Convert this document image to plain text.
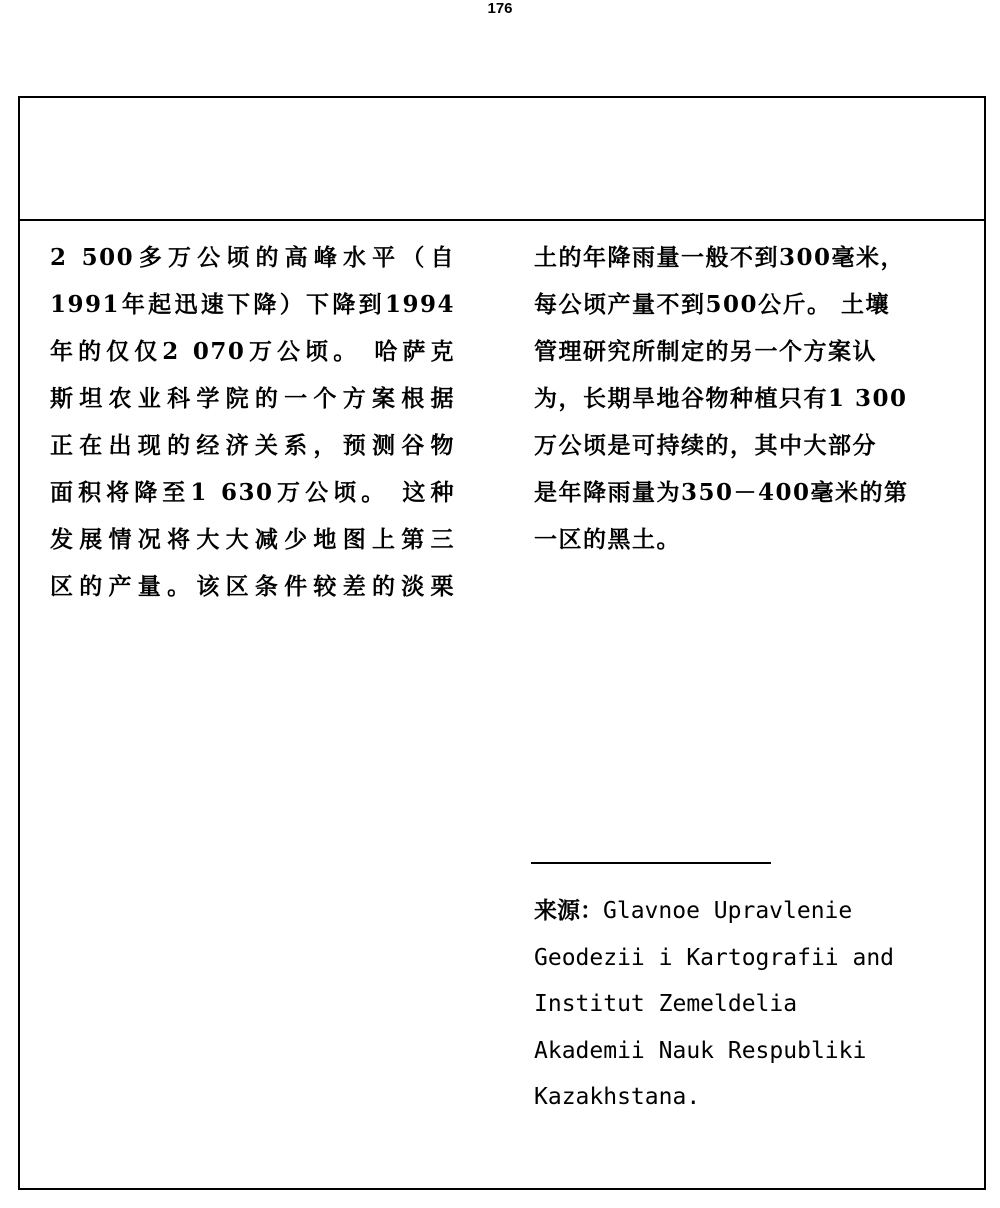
176
2 500多万公顷的高峰水平（自
1991年起迅速下降）下降到1994
年的仅仅2 070万公顷。 哈萨克
斯坦农业科学院的一个方案根据
正在出现的经济关系，预测谷物
面积将降至1 630万公顷。 这种
发展情况将大大减少地图上第三
区的产量。该区条件较差的淡栗
土的年降雨量一般不到300毫米，
每公顷产量不到500公斤。 土壤
管理研究所制定的另一个方案认
为，长期旱地谷物种植只有1 300
万公顷是可持续的，其中大部分
是年降雨量为350－400毫米的第
一区的黑土。
来源：Glavnoe Upravlenie
Geodezii i Kartografii and
Institut Zemeldelia
Akademii Nauk Respubliki
Kazakhstana.
